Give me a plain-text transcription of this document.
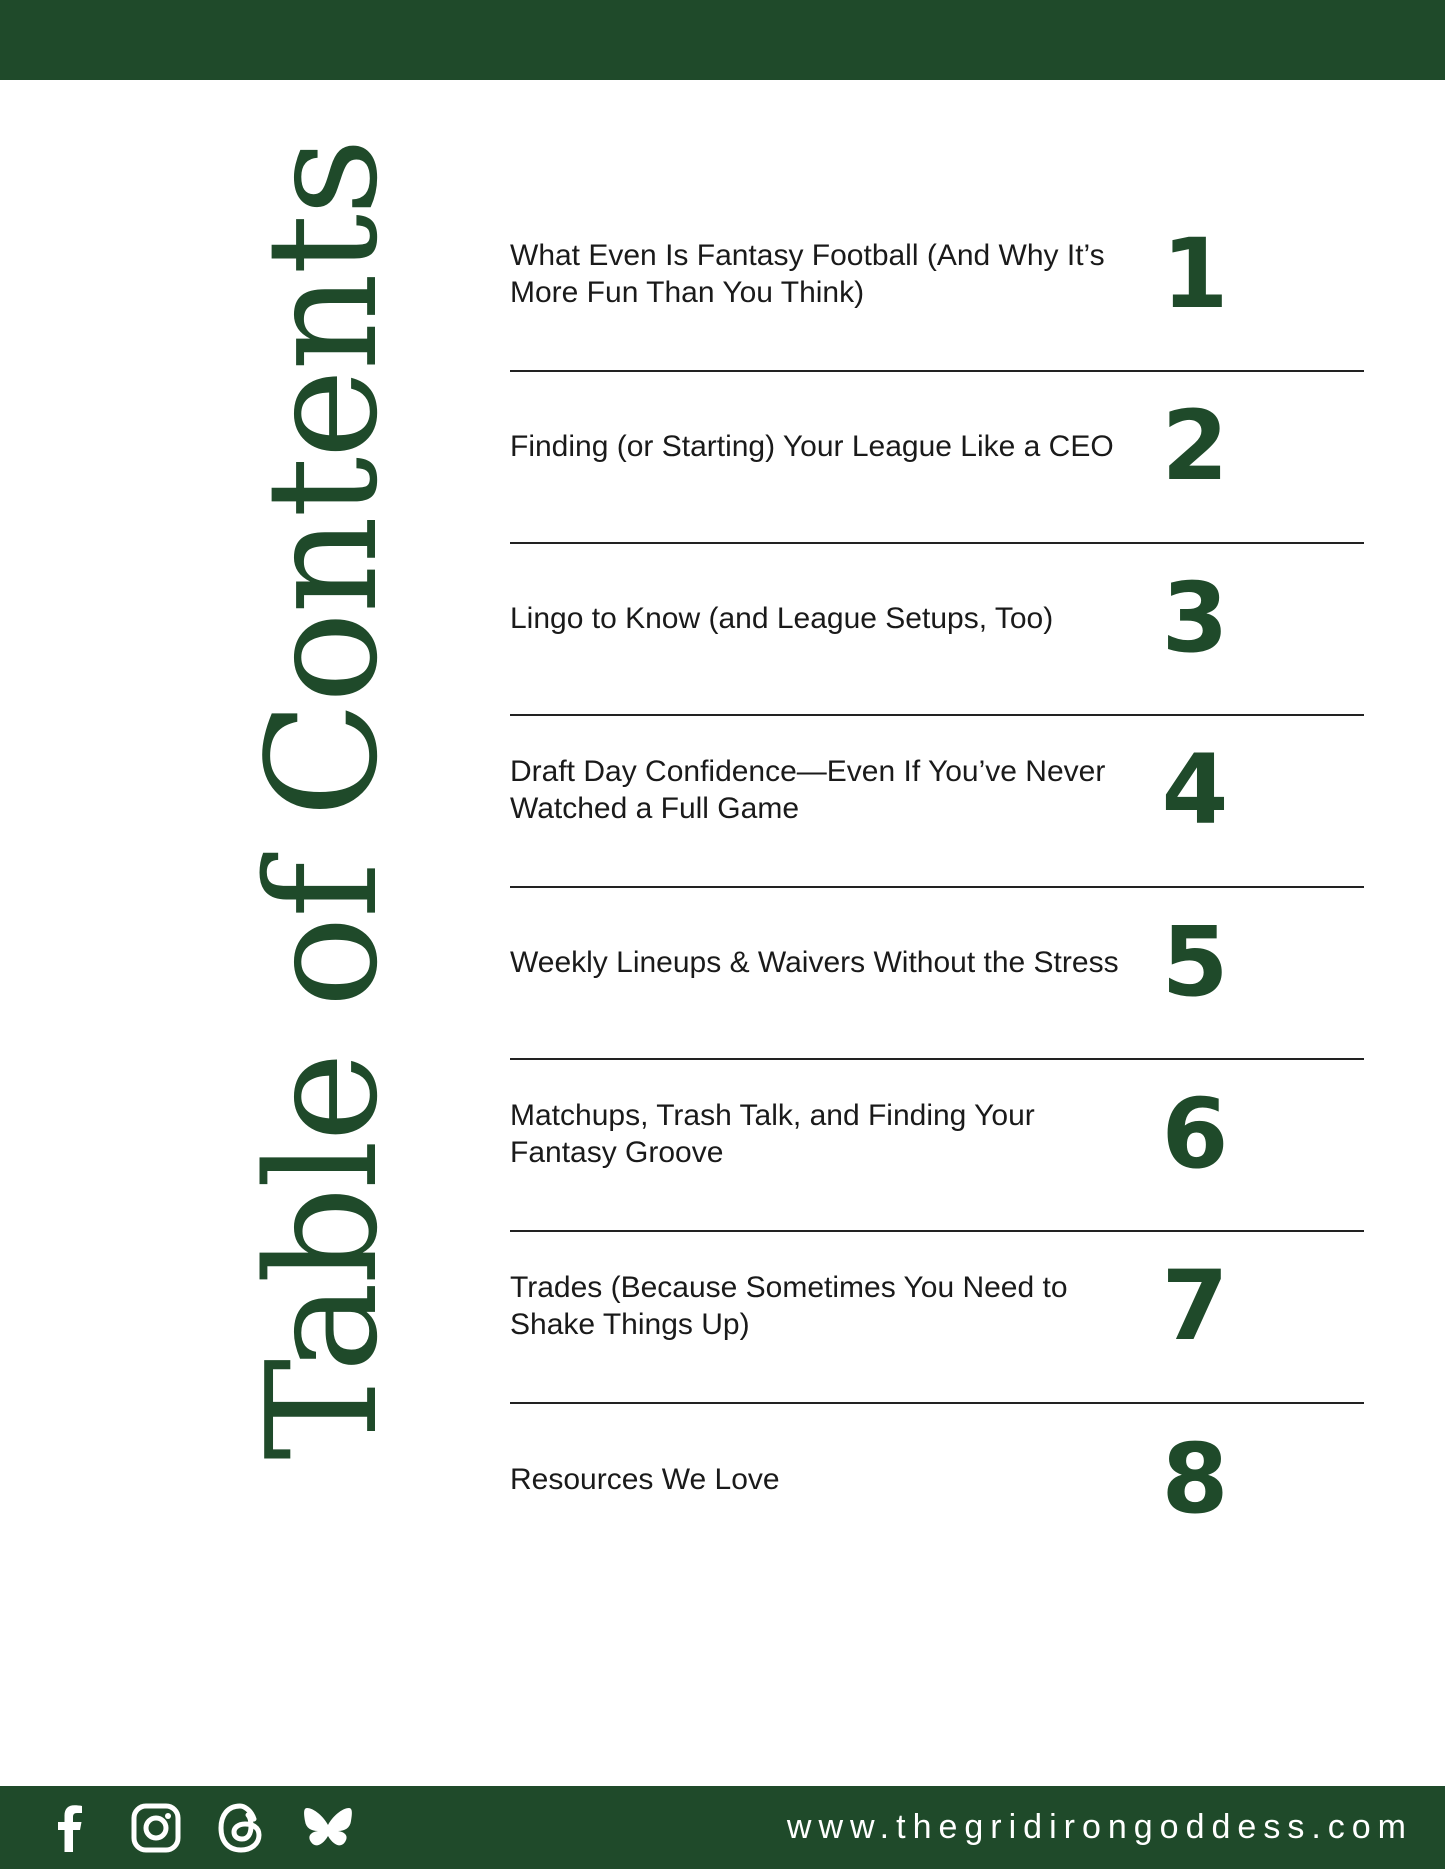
Table of Contents	What Even Is Fantasy Football (And Why It’s More Fun Than You Think)	1
Finding (or Starting) Your League Like a CEO 2
Lingo to Know (and League Setups, Too)	3
Draft Day Confidence—Even If You’ve Never Watched a Full Game	4
Weekly Lineups & Waivers Without the Stress 5
Matchups, Trash Talk, and Finding Your Fantasy Groove	6
Trades (Because Sometimes You Need to Shake Things Up)	7
Resources We Love	8
www.thegridirongoddess.com
